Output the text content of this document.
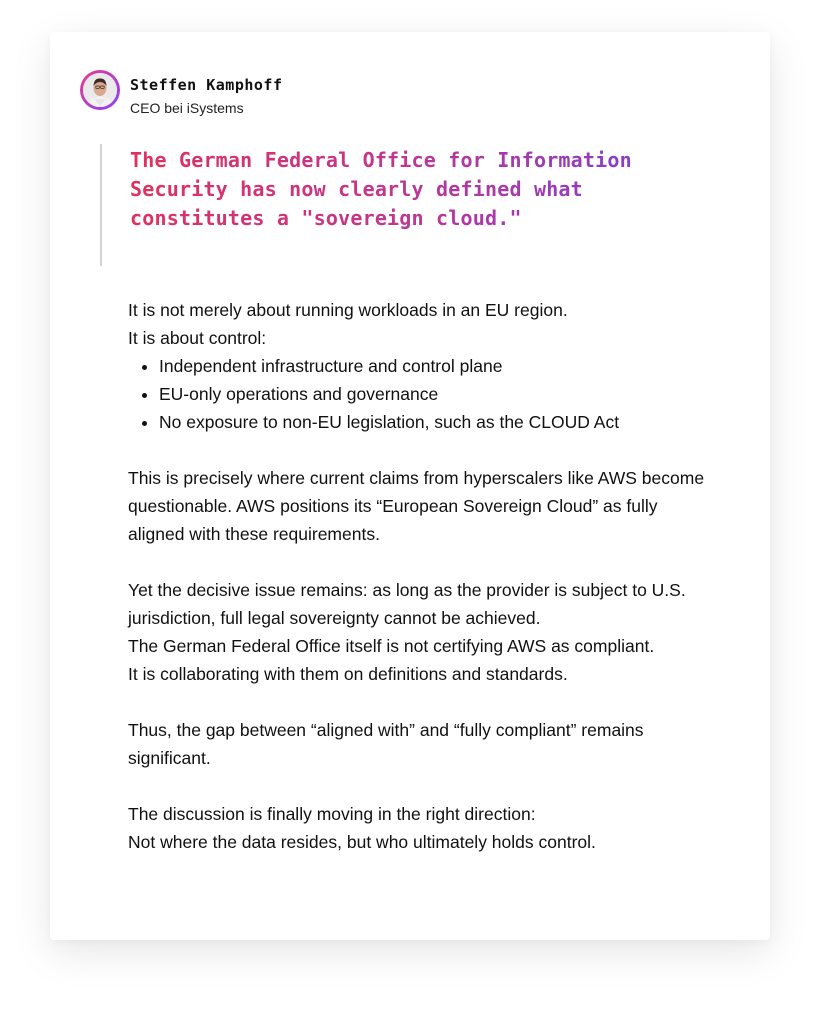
Steffen Kamphoff
CEO bei iSystems

The German Federal Office for Information Security has now clearly defined what constitutes a "sovereign cloud."

It is not merely about running workloads in an EU region.

It is about control:

• Independent infrastructure and control plane
• EU-only operations and governance
• No exposure to non-EU legislation, such as the CLOUD Act

This is precisely where current claims from hyperscalers like AWS become questionable. AWS positions its “European Sovereign Cloud” as fully aligned with these requirements.

Yet the decisive issue remains: as long as the provider is subject to U.S. jurisdiction, full legal sovereignty cannot be achieved.

The German Federal Office itself is not certifying AWS as compliant.

It is collaborating with them on definitions and standards.

Thus, the gap between “aligned with” and “fully compliant” remains significant.

The discussion is finally moving in the right direction:

Not where the data resides, but who ultimately holds control.
